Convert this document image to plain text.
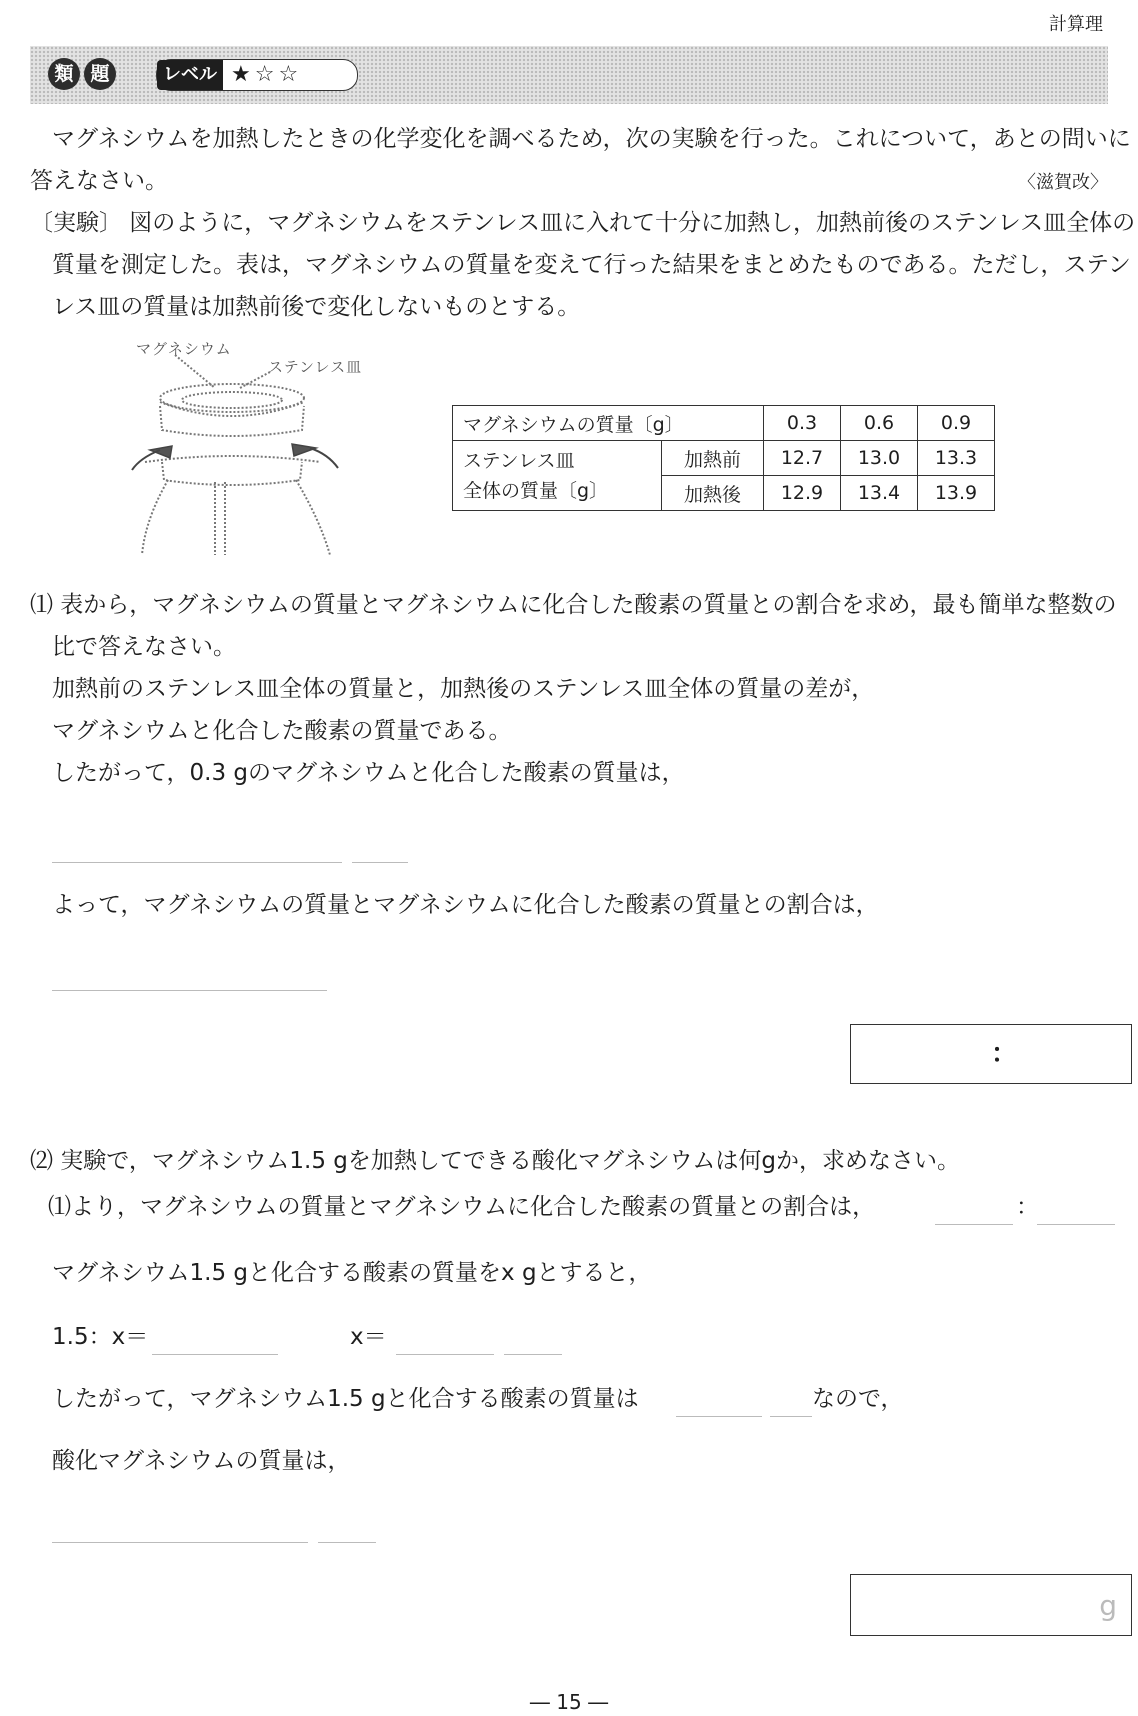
計算理
類 題	レベル ★☆☆
マグネシウムを加熱したときの化学変化を調べるため，次の実験を行った。これについて，あとの問いに
答えなさい。	〈滋賀改〉
〔実験〕 図のように，マグネシウムをステンレス皿に入れて十分に加熱し，加熱前後のステンレス皿全体の
質量を測定した。表は，マグネシウムの質量を変えて行った結果をまとめたものである。ただし，ステン
レス皿の質量は加熱前後で変化しないものとする。
マグネシウム
ステンレス皿
マグネシウムの質量〔g〕		0.3	0.6	0.9
ステンレス皿
全体の質量〔g〕	加熱前	12.7	13.0	13.3
	加熱後	12.9	13.4	13.9
⑴ 表から，マグネシウムの質量とマグネシウムに化合した酸素の質量との割合を求め，最も簡単な整数の
比で答えなさい。
加熱前のステンレス皿全体の質量と，加熱後のステンレス皿全体の質量の差が，
マグネシウムと化合した酸素の質量である。
したがって，0.3 gのマグネシウムと化合した酸素の質量は，
よって，マグネシウムの質量とマグネシウムに化合した酸素の質量との割合は，
：
⑵ 実験で，マグネシウム1.5 gを加熱してできる酸化マグネシウムは何gか，求めなさい。
⑴より，マグネシウムの質量とマグネシウムに化合した酸素の質量との割合は，	：
マグネシウム1.5 gと化合する酸素の質量をx gとすると，
1.5：x＝	x＝
したがって，マグネシウム1.5 gと化合する酸素の質量は	なので，
酸化マグネシウムの質量は，
g
― 15 ―
